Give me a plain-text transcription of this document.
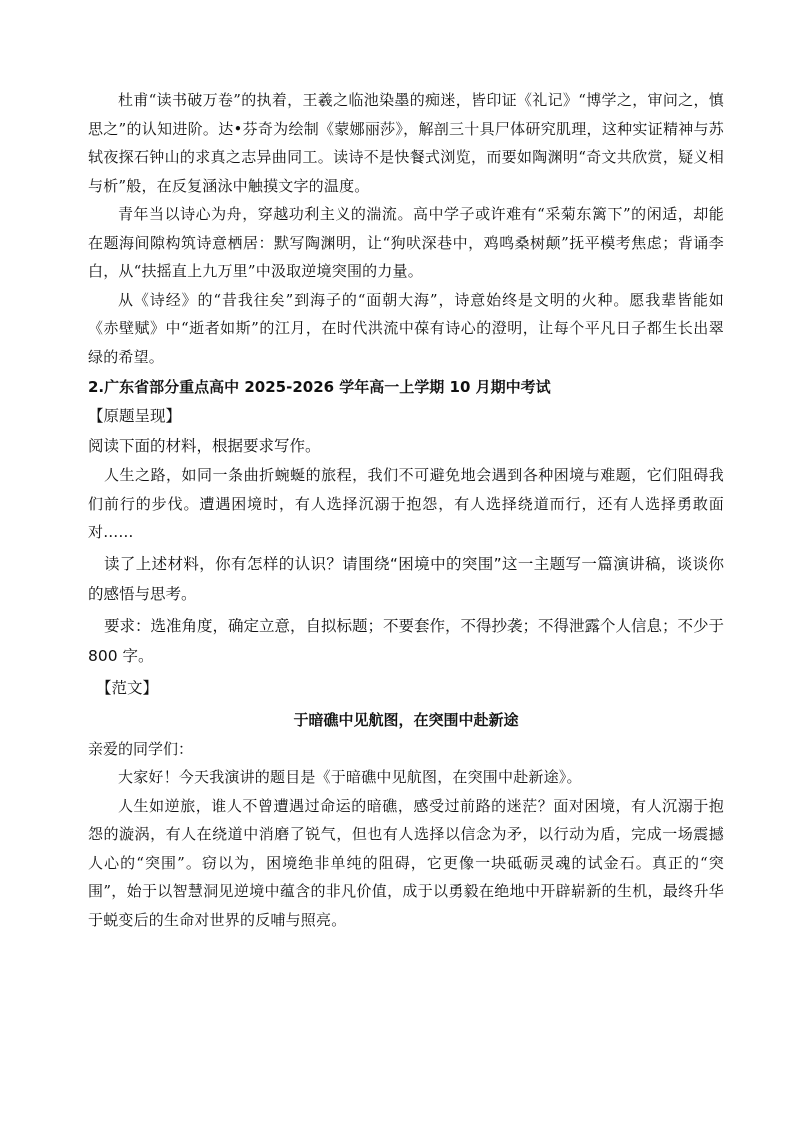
杜甫“读书破万卷”的执着，王羲之临池染墨的痴迷，皆印证《礼记》“博学之，审问之，慎思之”的认知进阶。达•芬奇为绘制《蒙娜丽莎》，解剖三十具尸体研究肌理，这种实证精神与苏轼夜探石钟山的求真之志异曲同工。读诗不是快餐式浏览，而要如陶渊明“奇文共欣赏，疑义相与析”般，在反复涵泳中触摸文字的温度。

青年当以诗心为舟，穿越功利主义的湍流。高中学子或许难有“采菊东篱下”的闲适，却能在题海间隙构筑诗意栖居：默写陶渊明，让“狗吠深巷中，鸡鸣桑树颠”抚平模考焦虑；背诵李白，从“扶摇直上九万里”中汲取逆境突围的力量。

从《诗经》的“昔我往矣”到海子的“面朝大海”，诗意始终是文明的火种。愿我辈皆能如《赤壁赋》中“逝者如斯”的江月，在时代洪流中葆有诗心的澄明，让每个平凡日子都生长出翠绿的希望。

2.广东省部分重点高中 2025-2026 学年高一上学期 10 月期中考试
【原题呈现】
阅读下面的材料，根据要求写作。

人生之路，如同一条曲折蜿蜒的旅程，我们不可避免地会遇到各种困境与难题，它们阻碍我们前行的步伐。遭遇困境时，有人选择沉溺于抱怨，有人选择绕道而行，还有人选择勇敢面对……

读了上述材料，你有怎样的认识？请围绕“困境中的突围”这一主题写一篇演讲稿，谈谈你的感悟与思考。

要求：选准角度，确定立意，自拟标题；不要套作，不得抄袭；不得泄露个人信息；不少于 800 字。

【范文】
于暗礁中见航图，在突围中赴新途
亲爱的同学们：

大家好！今天我演讲的题目是《于暗礁中见航图，在突围中赴新途》。

人生如逆旅，谁人不曾遭遇过命运的暗礁，感受过前路的迷茫？面对困境，有人沉溺于抱怨的漩涡，有人在绕道中消磨了锐气，但也有人选择以信念为矛，以行动为盾，完成一场震撼人心的“突围”。窃以为，困境绝非单纯的阻碍，它更像一块砥砺灵魂的试金石。真正的“突围”，始于以智慧洞见逆境中蕴含的非凡价值，成于以勇毅在绝地中开辟崭新的生机，最终升华于蜕变后的生命对世界的反哺与照亮。
